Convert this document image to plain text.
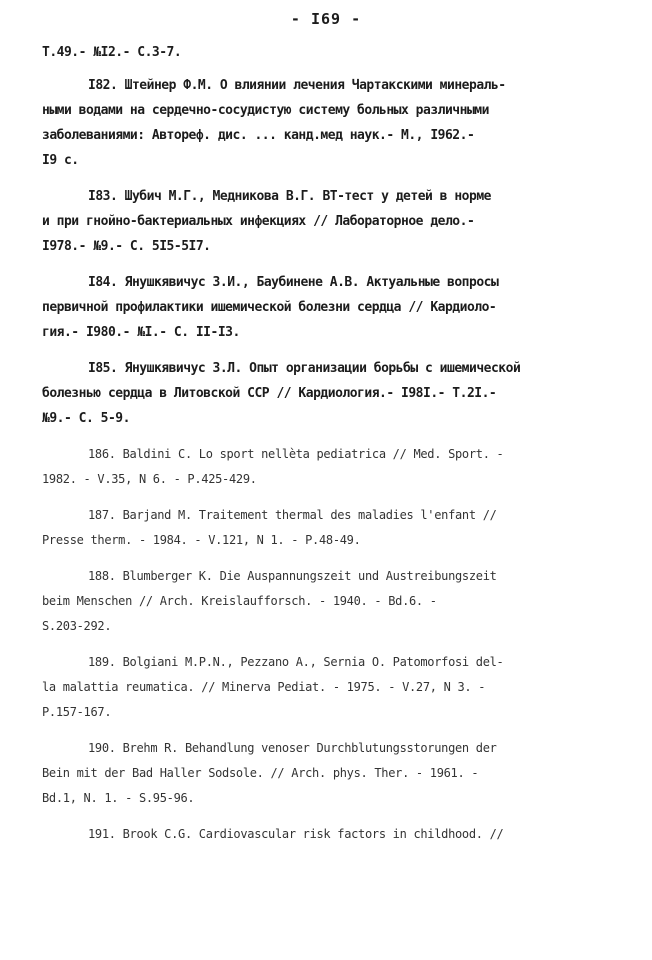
- I69 -
Т.49.- №I2.- С.3-7.
I82. Штейнер Ф.М. О влиянии лечения Чартакскими минераль-
ными водами на сердечно-сосудистую систему больных различными
заболеваниями: Автореф. дис. ... канд.мед наук.- М., I962.-
I9 с.
I83. Шубич М.Г., Медникова В.Г. ВТ-тест у детей в норме
и при гнойно-бактериальных инфекциях // Лабораторное дело.-
I978.- №9.- С. 5I5-5I7.
I84. Янушкявичус З.И., Баубинене А.В. Актуальные вопросы
первичной профилактики ишемической болезни сердца // Кардиоло-
гия.- I980.- №I.- С. II-I3.
I85. Янушкявичус З.Л. Опыт организации борьбы с ишемической
болезнью сердца в Литовской ССР // Кардиология.- I98I.- Т.2I.-
№9.- С. 5-9.
186. Baldini C. Lo sport nellèta pediatrica // Med. Sport. -
1982. - V.35, N 6. - P.425-429.
187. Barjand M. Traitement thermal des maladies l'enfant //
Presse therm. - 1984. - V.121, N 1. - P.48-49.
188. Blumberger K. Die Auspannungszeit und Austreibungszeit
beim Menschen // Arch. Kreislaufforsch. - 1940. - Bd.6. -
S.203-292.
189. Bolgiani M.P.N., Pezzano A., Sernia O. Patomorfosi del-
la malattia reumatica. // Minerva Pediat. - 1975. - V.27, N 3. -
P.157-167.
190. Brehm R. Behandlung venoser Durchblutungsstorungen der
Bein mit der Bad Haller Sodsole. // Arch. phys. Ther. - 1961. -
Bd.1, N. 1. - S.95-96.
191. Brook C.G. Cardiovascular risk factors in childhood. //
